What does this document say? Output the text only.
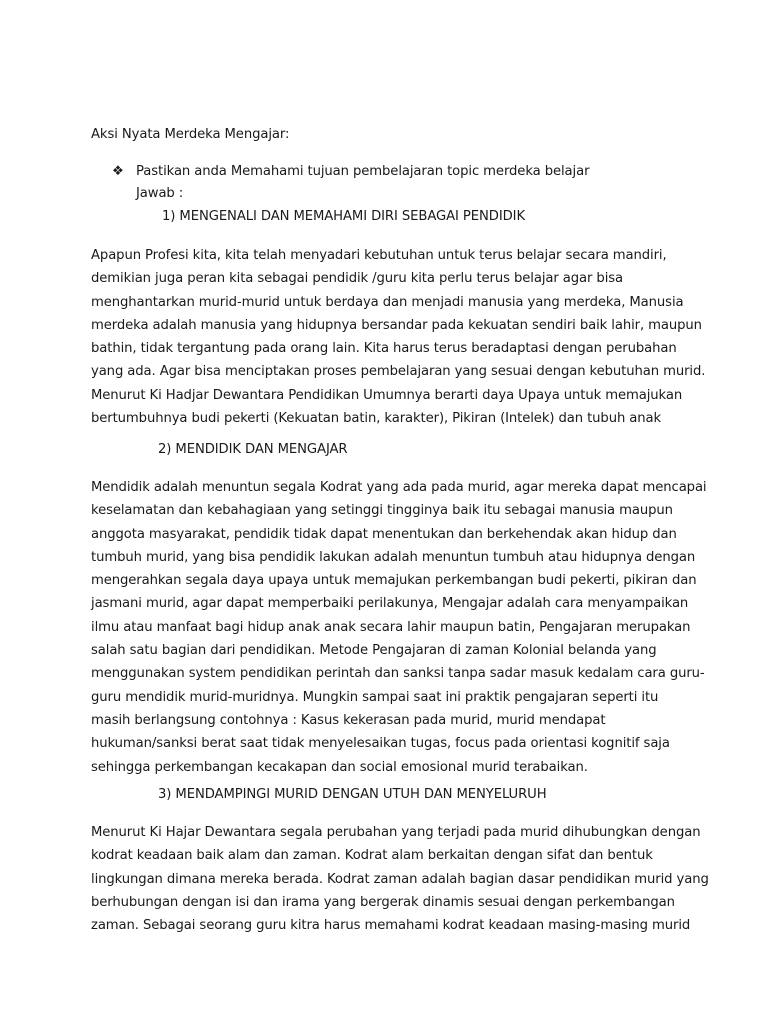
Aksi Nyata Merdeka Mengajar:
❖ Pastikan anda Memahami tujuan pembelajaran topic merdeka belajar
Jawab :
1) MENGENALI DAN MEMAHAMI DIRI SEBAGAI PENDIDIK
Apapun Profesi kita, kita telah menyadari kebutuhan untuk terus belajar secara mandiri,
demikian juga peran kita sebagai pendidik /guru kita perlu terus belajar agar bisa
menghantarkan murid-murid untuk berdaya dan menjadi manusia yang merdeka, Manusia
merdeka adalah manusia yang hidupnya bersandar pada kekuatan sendiri baik lahir, maupun
bathin, tidak tergantung pada orang lain. Kita harus terus beradaptasi dengan perubahan
yang ada. Agar bisa menciptakan proses pembelajaran yang sesuai dengan kebutuhan murid.
Menurut Ki Hadjar Dewantara Pendidikan Umumnya berarti daya Upaya untuk memajukan
bertumbuhnya budi pekerti (Kekuatan batin, karakter), Pikiran (Intelek) dan tubuh anak
2) MENDIDIK DAN MENGAJAR
Mendidik adalah menuntun segala Kodrat yang ada pada murid, agar mereka dapat mencapai
keselamatan dan kebahagiaan yang setinggi tingginya baik itu sebagai manusia maupun
anggota masyarakat, pendidik tidak dapat menentukan dan berkehendak akan hidup dan
tumbuh murid, yang bisa pendidik lakukan adalah menuntun tumbuh atau hidupnya dengan
mengerahkan segala daya upaya untuk memajukan perkembangan budi pekerti, pikiran dan
jasmani murid, agar dapat memperbaiki perilakunya, Mengajar adalah cara menyampaikan
ilmu atau manfaat bagi hidup anak anak secara lahir maupun batin, Pengajaran merupakan
salah satu bagian dari pendidikan. Metode Pengajaran di zaman Kolonial belanda yang
menggunakan system pendidikan perintah dan sanksi tanpa sadar masuk kedalam cara guru-
guru mendidik murid-muridnya. Mungkin sampai saat ini praktik pengajaran seperti itu
masih berlangsung contohnya : Kasus kekerasan pada murid, murid mendapat
hukuman/sanksi berat saat tidak menyelesaikan tugas, focus pada orientasi kognitif saja
sehingga perkembangan kecakapan dan social emosional murid terabaikan.
3) MENDAMPINGI MURID DENGAN UTUH DAN MENYELURUH
Menurut Ki Hajar Dewantara segala perubahan yang terjadi pada murid dihubungkan dengan
kodrat keadaan baik alam dan zaman. Kodrat alam berkaitan dengan sifat dan bentuk
lingkungan dimana mereka berada. Kodrat zaman adalah bagian dasar pendidikan murid yang
berhubungan dengan isi dan irama yang bergerak dinamis sesuai dengan perkembangan
zaman. Sebagai seorang guru kitra harus memahami kodrat keadaan masing-masing murid
